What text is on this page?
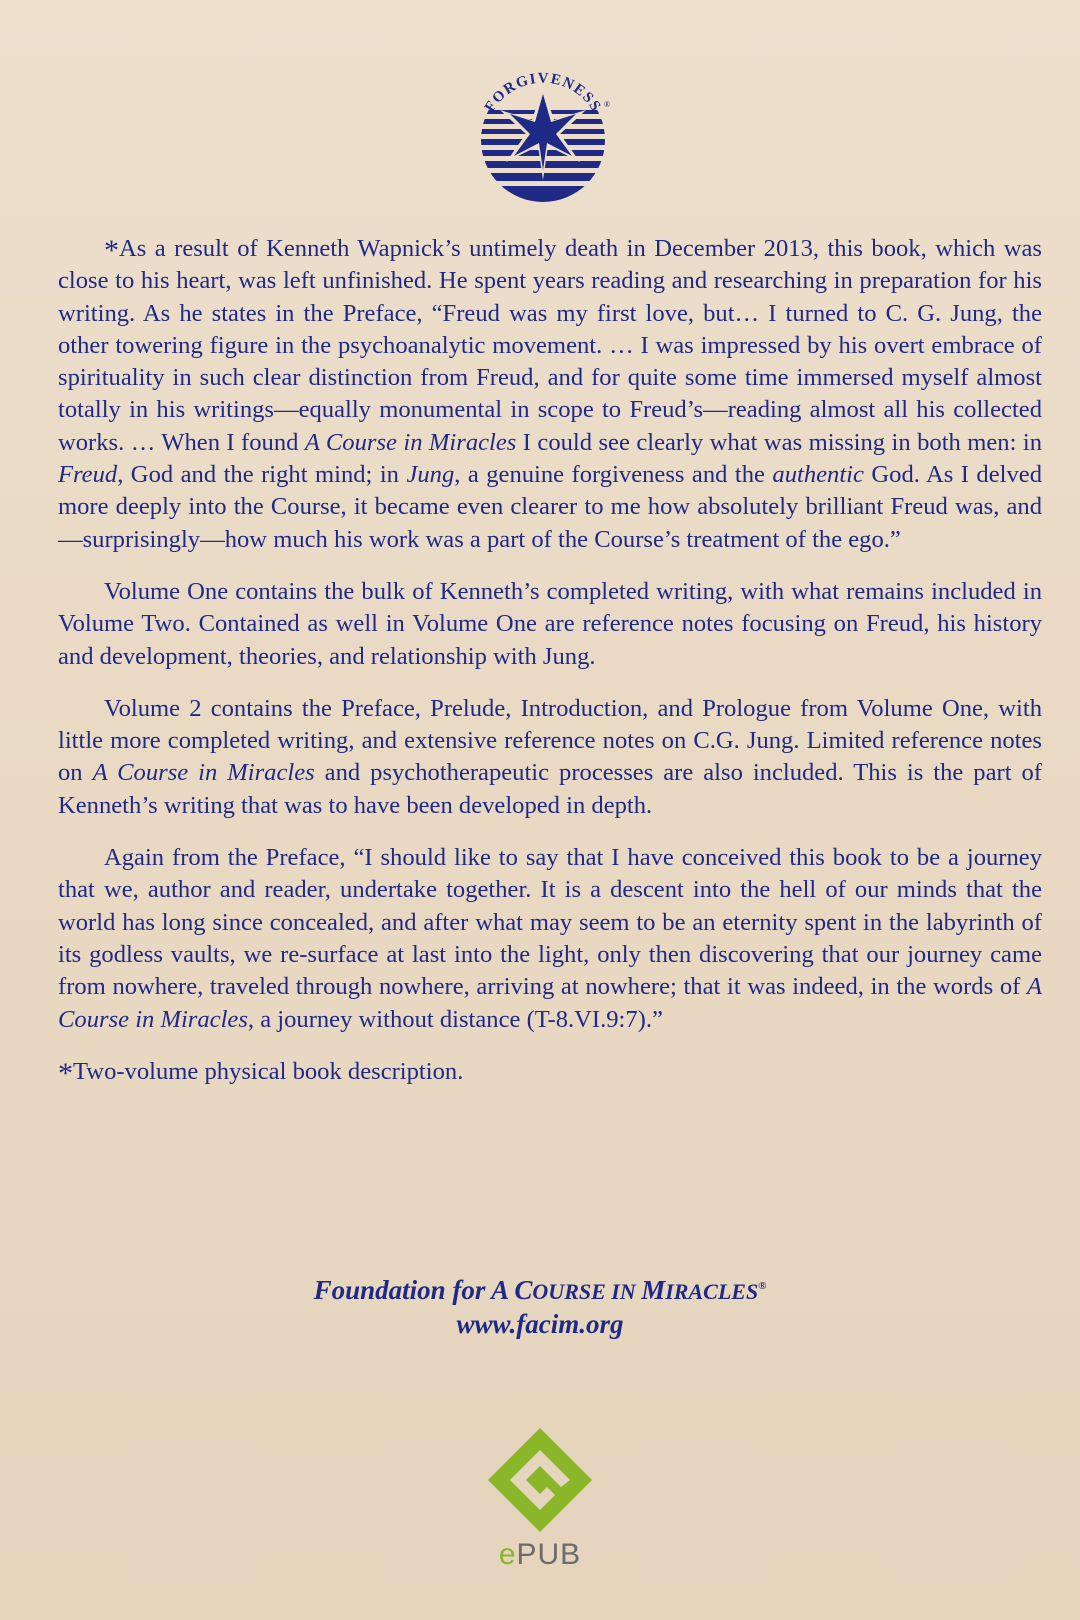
FORGIVENESS ®

*As a result of Kenneth Wapnick’s untimely death in December 2013, this book, which was close to his heart, was left unfinished. He spent years reading and researching in preparation for his writing. As he states in the Preface, “Freud was my first love, but… I turned to C. G. Jung, the other towering figure in the psychoanalytic movement. … I was impressed by his overt embrace of spirituality in such clear distinction from Freud, and for quite some time immersed myself almost totally in his writings—equally monumental in scope to Freud’s—reading almost all his collected works. … When I found A Course in Miracles I could see clearly what was missing in both men: in Freud, God and the right mind; in Jung, a genuine forgiveness and the authentic God. As I delved more deeply into the Course, it became even clearer to me how absolutely brilliant Freud was, and—surprisingly—how much his work was a part of the Course’s treatment of the ego.”

Volume One contains the bulk of Kenneth’s completed writing, with what remains included in Volume Two. Contained as well in Volume One are reference notes focusing on Freud, his history and development, theories, and relationship with Jung.

Volume 2 contains the Preface, Prelude, Introduction, and Prologue from Volume One, with little more completed writing, and extensive reference notes on C.G. Jung. Limited reference notes on A Course in Miracles and psychotherapeutic processes are also included. This is the part of Kenneth’s writing that was to have been developed in depth.

Again from the Preface, “I should like to say that I have conceived this book to be a journey that we, author and reader, undertake together. It is a descent into the hell of our minds that the world has long since concealed, and after what may seem to be an eternity spent in the labyrinth of its godless vaults, we re-surface at last into the light, only then discovering that our journey came from nowhere, traveled through nowhere, arriving at nowhere; that it was indeed, in the words of A Course in Miracles, a journey without distance (T-8.VI.9:7).”

*Two-volume physical book description.

Foundation for A COURSE IN MIRACLES®
www.facim.org
ePUB
